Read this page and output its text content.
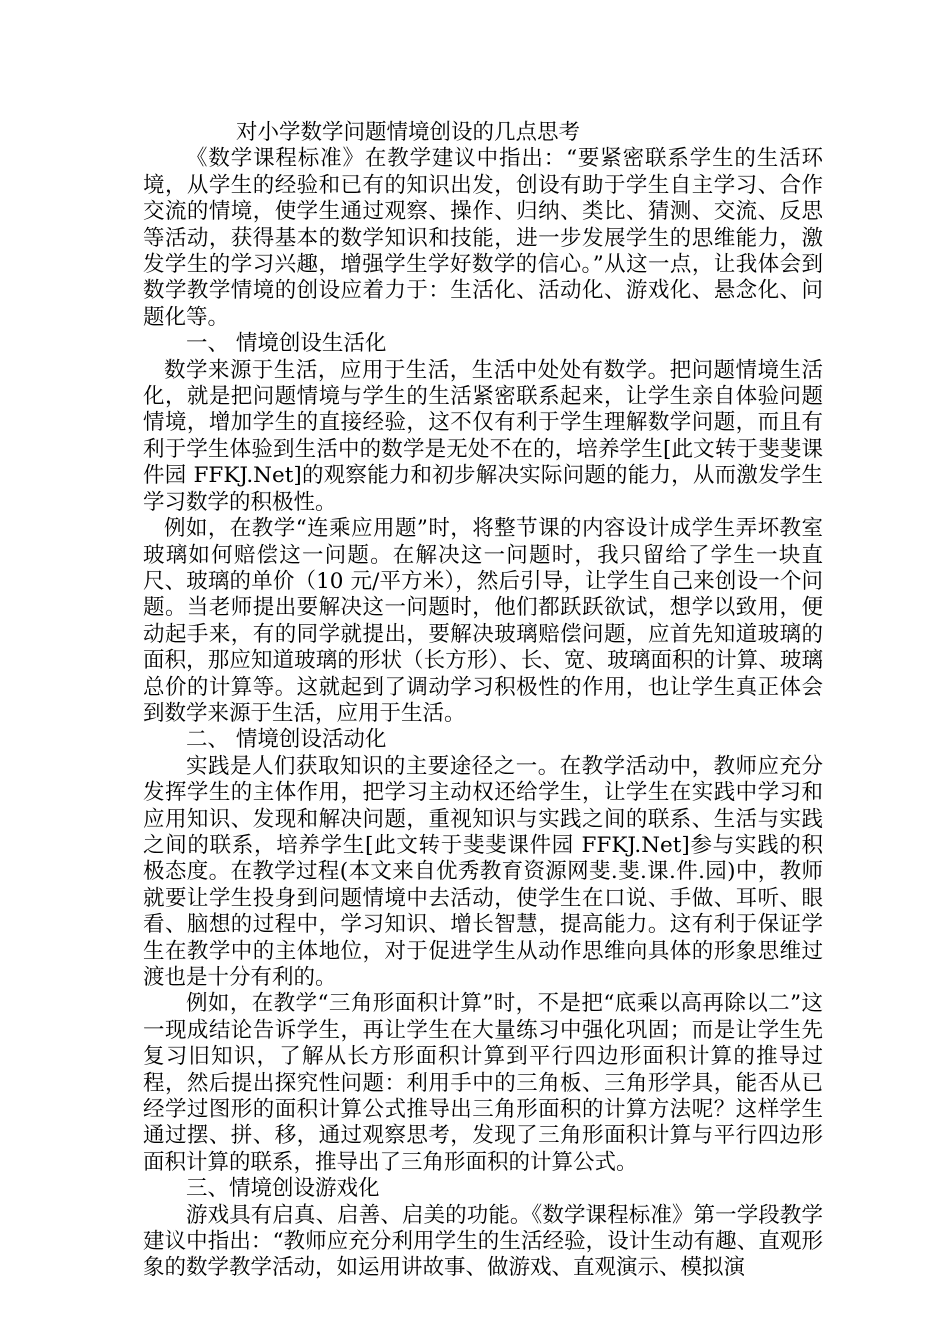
对小学数学问题情境创设的几点思考

《数学课程标准》在教学建议中指出：“要紧密联系学生的生活环境，从学生的经验和已有的知识出发，创设有助于学生自主学习、合作交流的情境，使学生通过观察、操作、归纳、类比、猜测、交流、反思等活动，获得基本的数学知识和技能，进一步发展学生的思维能力，激发学生的学习兴趣，增强学生学好数学的信心。”从这一点，让我体会到数学教学情境的创设应着力于：生活化、活动化、游戏化、悬念化、问题化等。

一、 情境创设生活化

数学来源于生活，应用于生活，生活中处处有数学。把问题情境生活化，就是把问题情境与学生的生活紧密联系起来，让学生亲自体验问题情境，增加学生的直接经验，这不仅有利于学生理解数学问题，而且有利于学生体验到生活中的数学是无处不在的，培养学生[此文转于斐斐课件园 FFKJ.Net]的观察能力和初步解决实际问题的能力，从而激发学生学习数学的积极性。

例如，在教学“连乘应用题”时，将整节课的内容设计成学生弄坏教室玻璃如何赔偿这一问题。在解决这一问题时，我只留给了学生一块直尺、玻璃的单价（10 元/平方米），然后引导，让学生自己来创设一个问题。当老师提出要解决这一问题时，他们都跃跃欲试，想学以致用，便动起手来，有的同学就提出，要解决玻璃赔偿问题，应首先知道玻璃的面积，那应知道玻璃的形状（长方形）、长、宽、玻璃面积的计算、玻璃总价的计算等。这就起到了调动学习积极性的作用，也让学生真正体会到数学来源于生活，应用于生活。

二、 情境创设活动化

实践是人们获取知识的主要途径之一。在教学活动中，教师应充分发挥学生的主体作用，把学习主动权还给学生，让学生在实践中学习和应用知识、发现和解决问题，重视知识与实践之间的联系、生活与实践之间的联系，培养学生[此文转于斐斐课件园 FFKJ.Net]参与实践的积极态度。在教学过程(本文来自优秀教育资源网斐.斐.课.件.园)中，教师就要让学生投身到问题情境中去活动，使学生在口说、手做、耳听、眼看、脑想的过程中，学习知识、增长智慧，提高能力。这有利于保证学生在教学中的主体地位，对于促进学生从动作思维向具体的形象思维过渡也是十分有利的。

例如，在教学“三角形面积计算”时，不是把“底乘以高再除以二”这一现成结论告诉学生，再让学生在大量练习中强化巩固；而是让学生先复习旧知识，了解从长方形面积计算到平行四边形面积计算的推导过程，然后提出探究性问题：利用手中的三角板、三角形学具，能否从已经学过图形的面积计算公式推导出三角形面积的计算方法呢？这样学生通过摆、拼、移，通过观察思考，发现了三角形面积计算与平行四边形面积计算的联系，推导出了三角形面积的计算公式。

三、情境创设游戏化

游戏具有启真、启善、启美的功能。《数学课程标准》第一学段教学建议中指出：“教师应充分利用学生的生活经验，设计生动有趣、直观形象的数学教学活动，如运用讲故事、做游戏、直观演示、模拟演
